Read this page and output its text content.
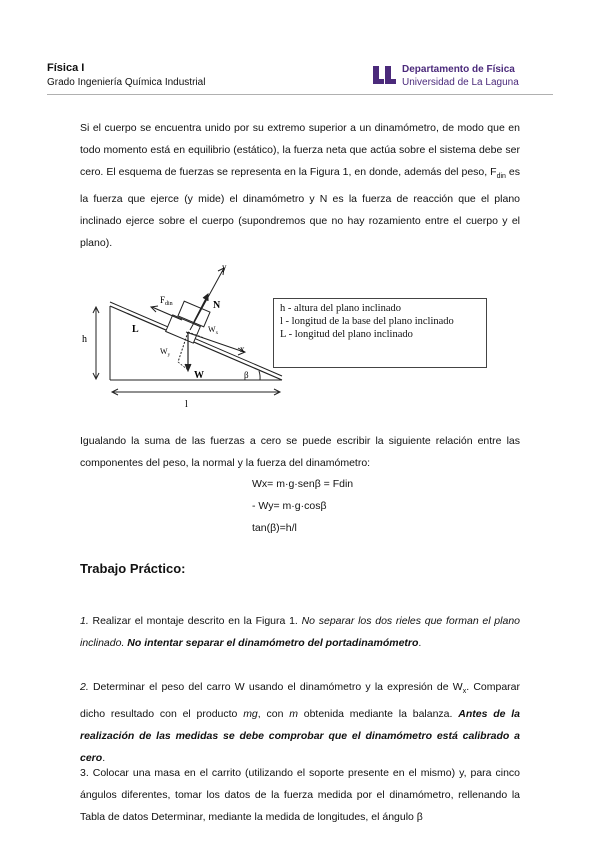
Física I
Grado Ingeniería Química Industrial
Departamento de Física
Universidad de La Laguna

Si el cuerpo se encuentra unido por su extremo superior a un dinamómetro, de modo que en todo momento está en equilibrio (estático), la fuerza neta que actúa sobre el sistema debe ser cero. El esquema de fuerzas se representa en la Figura 1, en donde, además del peso, $F_{din}$ es la fuerza que ejerce (y mide) el dinamómetro y N es la fuerza de reacción que el plano inclinado ejerce sobre el cuerpo (supondremos que no hay rozamiento entre el cuerpo y el plano).

h
l
L
y
N
$F_{din}$
x
W
$W_x$
$W_y$
β
h - altura del plano inclinado
l - longitud de la base del plano inclinado
L - longitud del plano inclinado

Igualando la suma de las fuerzas a cero se puede escribir la siguiente relación entre las componentes del peso, la normal y la fuerza del dinamómetro:

Wx= m·g·senβ = Fdin
- Wy= m·g·cosβ
tan(β)=h/l
Trabajo Práctico:

1. Realizar el montaje descrito en la Figura 1. No separar los dos rieles que forman el plano inclinado. No intentar separar el dinamómetro del portadinamómetro.

2. Determinar el peso del carro W usando el dinamómetro y la expresión de $W_x$. Comparar dicho resultado con el producto mg, con m obtenida mediante la balanza. Antes de la realización de las medidas se debe comprobar que el dinamómetro está calibrado a cero.

3. Colocar una masa en el carrito (utilizando el soporte presente en el mismo) y, para cinco ángulos diferentes, tomar los datos de la fuerza medida por el dinamómetro, rellenando la Tabla de datos Determinar, mediante la medida de longitudes, el ángulo β
